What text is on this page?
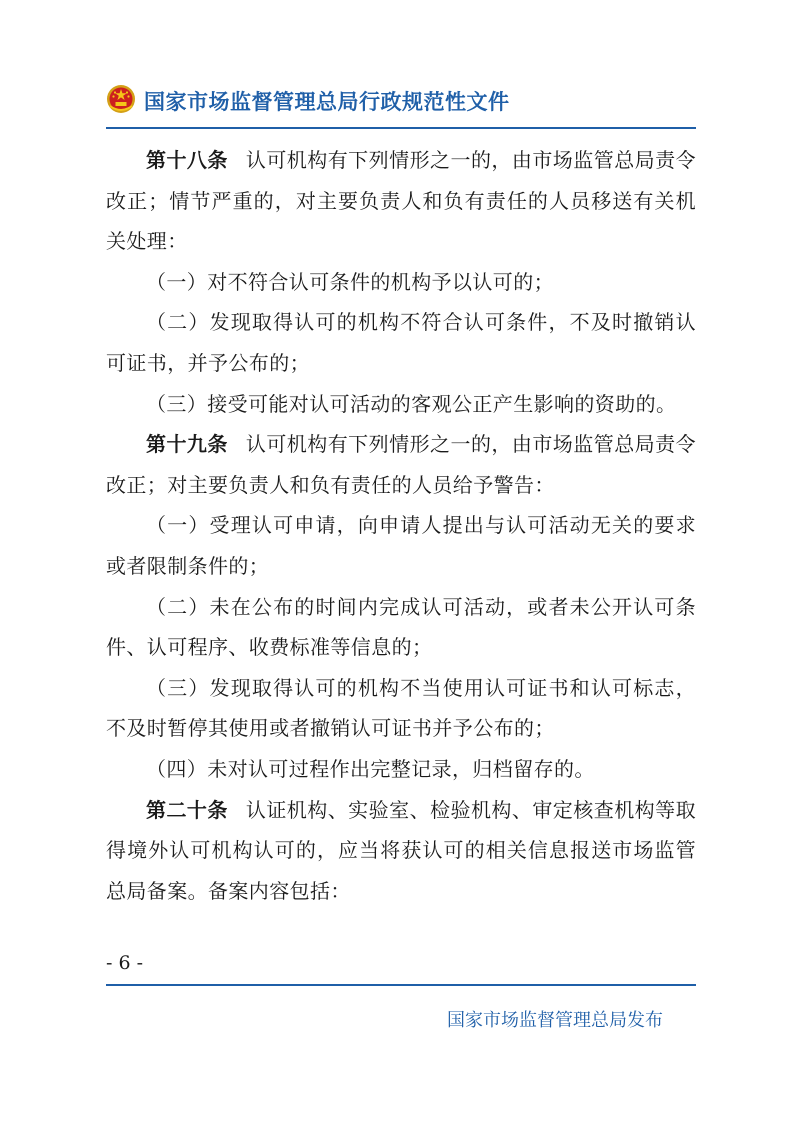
国家市场监督管理总局行政规范性文件

第十八条 认可机构有下列情形之一的，由市场监管总局责令改正；情节严重的，对主要负责人和负有责任的人员移送有关机关处理：

（一）对不符合认可条件的机构予以认可的；

（二）发现取得认可的机构不符合认可条件，不及时撤销认可证书，并予公布的；

（三）接受可能对认可活动的客观公正产生影响的资助的。

第十九条 认可机构有下列情形之一的，由市场监管总局责令改正；对主要负责人和负有责任的人员给予警告：

（一）受理认可申请，向申请人提出与认可活动无关的要求或者限制条件的；

（二）未在公布的时间内完成认可活动，或者未公开认可条件、认可程序、收费标准等信息的；

（三）发现取得认可的机构不当使用认可证书和认可标志，不及时暂停其使用或者撤销认可证书并予公布的；

（四）未对认可过程作出完整记录，归档留存的。

第二十条 认证机构、实验室、检验机构、审定核查机构等取得境外认可机构认可的，应当将获认可的相关信息报送市场监管总局备案。备案内容包括：

- 6 -
国家市场监督管理总局发布
